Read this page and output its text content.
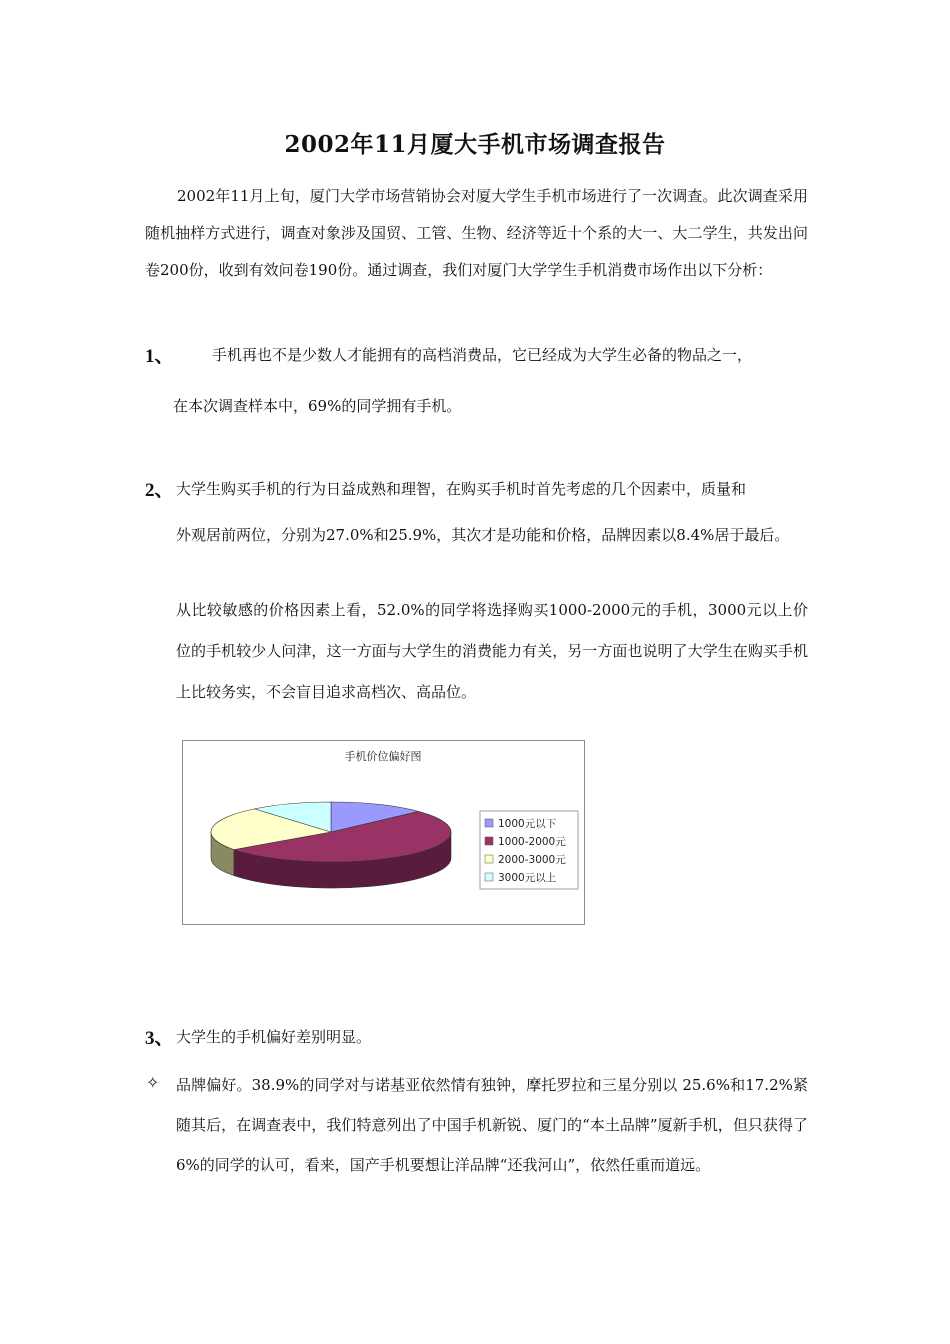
2002年11月厦大手机市场调查报告
2002年11月上旬，厦门大学市场营销协会对厦大学生手机市场进行了一次调查。此次调查采用随机抽样方式进行，调查对象涉及国贸、工管、生物、经济等近十个系的大一、大二学生，共发出问卷200份，收到有效问卷190份。通过调查，我们对厦门大学学生手机消费市场作出以下分析：
1、	手机再也不是少数人才能拥有的高档消费品，它已经成为大学生必备的物品之一，
在本次调查样本中，69%的同学拥有手机。
2、 大学生购买手机的行为日益成熟和理智，在购买手机时首先考虑的几个因素中，质量和
外观居前两位，分别为27.0%和25.9%，其次才是功能和价格，品牌因素以8.4%居于最后。
从比较敏感的价格因素上看，52.0%的同学将选择购买1000-2000元的手机，3000元以上价位的手机较少人问津，这一方面与大学生的消费能力有关，另一方面也说明了大学生在购买手机上比较务实，不会盲目追求高档次、高品位。
手机价位偏好图
1000元以下
1000-2000元
2000-3000元
3000元以上
3、 大学生的手机偏好差别明显。
✧ 品牌偏好。38.9%的同学对与诺基亚依然情有独钟，摩托罗拉和三星分别以 25.6%和17.2%紧随其后，在调查表中，我们特意列出了中国手机新锐、厦门的“本土品牌”厦新手机，但只获得了6%的同学的认可，看来，国产手机要想让洋品牌“还我河山”，依然任重而道远。
